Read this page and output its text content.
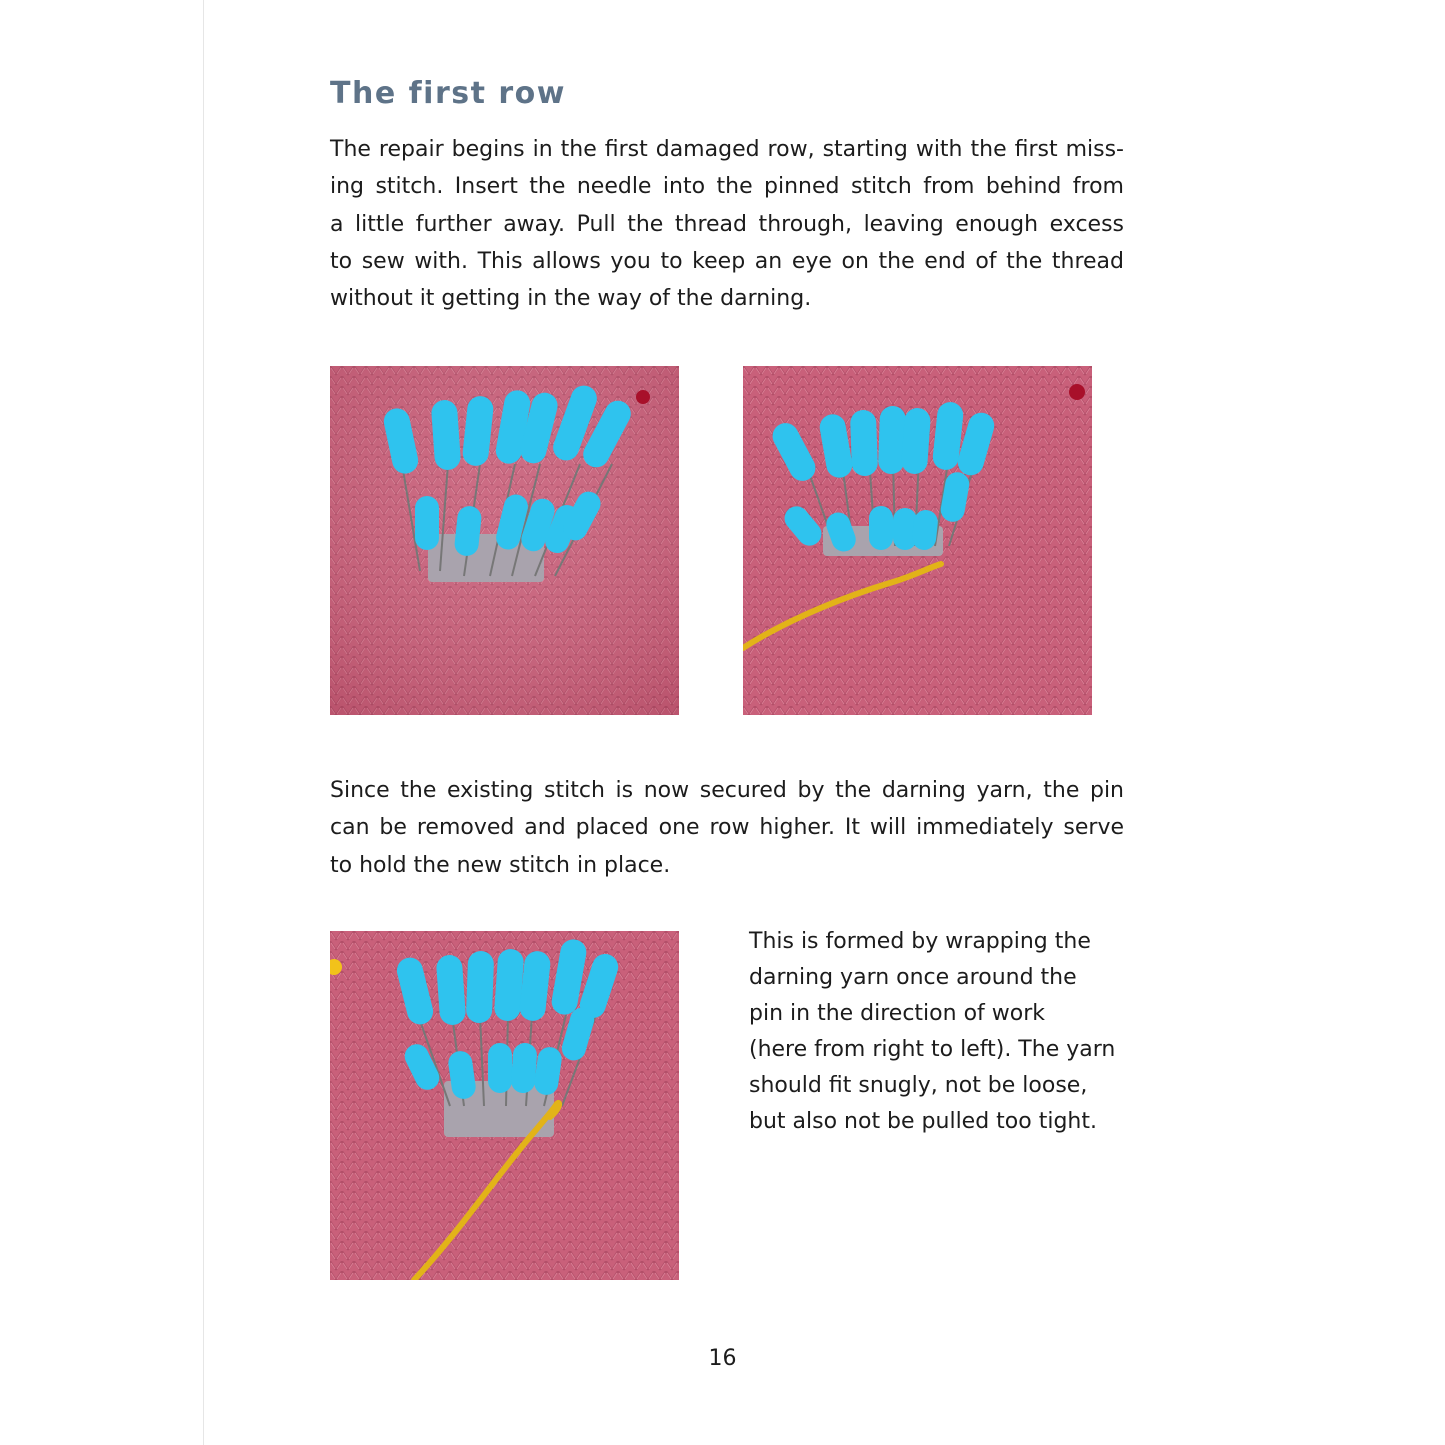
The first row
The repair begins in the first damaged row, starting with the first miss-
ing stitch. Insert the needle into the pinned stitch from behind from
a little further away. Pull the thread through, leaving enough excess
to sew with. This allows you to keep an eye on the end of the thread
without it getting in the way of the darning.
Since the existing stitch is now secured by the darning yarn, the pin
can be removed and placed one row higher. It will immediately serve
to hold the new stitch in place.
This is formed by wrapping the
darning yarn once around the
pin in the direction of work
(here from right to left). The yarn
should fit snugly, not be loose,
but also not be pulled too tight.
16
